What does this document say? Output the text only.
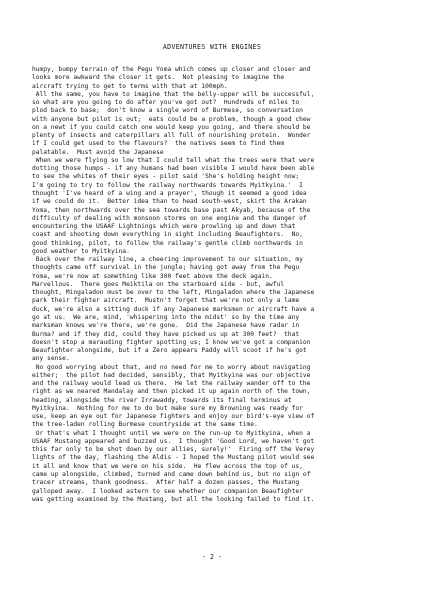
ADVENTURES WITH ENGINES
humpy, bumpy terrain of the Pegu Yoma which comes up closer and closer and
looks more awkward the closer it gets.  Not pleasing to imagine the
aircraft trying to get to terms with that at 100mph.
All the same, you have to imagine that the belly-upper will be successful,
so what are you going to do after you've got out?  Hundreds of miles to
plod back to base;  don't know a single word of Burmese, so conversation
with anyone but pilot is out;  eats could be a problem, though a good chew
on a newt if you could catch one would keep you going, and there should be
plenty of insects and caterpillars all full of nourishing protein.  Wonder
if I could get used to the flavours?  the natives seem to find them
palatable.  Must avoid the Japanese
When we were flying so low that I could tell what the trees were that were
dotting those humps - if any humans had been visible I would have been able
to see the whites of their eyes - pilot said 'She's holding height now;
I'm going to try to follow the railway northwards towards Myitkyina.'  I
thought 'I've heard of a wing and a prayer', though it seemed a good idea
if we could do it.  Better idea than to head south-west, skirt the Arakan
Yoma, then northwards over the sea towards base past Akyab, because of the
difficulty of dealing with monsoon storms on one engine and the danger of
encountering the USAAF Lightnings which were prowling up and down that
coast and shooting down everything in sight including Beaufighters.  No,
good thinking, pilot, to follow the railway's gentle climb northwards in
good weather to Myitkyina.
Back over the railway line, a cheering improvement to our situation, my
thoughts came off survival in the jungle; having got away from the Pegu
Yoma, we're now at something like 300 feet above the deck again.
Marvellous.  There goes Meiktila on the starboard side - but, awful
thought, Mingaladon must be over to the left, Mingaladon where the Japanese
park their fighter aircraft.  Mustn't forget that we're not only a lame
duck, we're also a sitting duck if any Japanese marksmen or aircraft have a
go at us.  We are, mind, 'whispering into the midst' so by the time any
marksman knows we're there, we're gone.  Did the Japanese have radar in
Burma? and if they did, could they have picked us up at 300 feet?  that
doesn't stop a marauding fighter spotting us; I know we've got a companion
Beaufighter alongside, but if a Zero appears Paddy will scoot if he's got
any sense.
No good worrying about that, and no need for me to worry about navigating
either;  the pilot had decided, sensibly, that Myitkyina was our objective
and the railway would lead us there.  He let the railway wander off to the
right as we neared Mandalay and then picked it up again north of the town,
heading, alongside the river Irrawaddy, towards its final terminus at
Myitkyina.  Nothing for me to do but make sure my Browning was ready for
use, keep an eye out for Japanese fighters and enjoy our bird's-eye view of
the tree-laden rolling Burmese countryside at the same time.
Or that's what I thought until we were on the run-up to Myitkyina, when a
USAAF Mustang appeared and buzzed us.  I thought 'Good Lord, we haven't got
this far only to be shot down by our allies, surely!'  Firing off the Verey
lights of the day, flashing the Aldis - I hoped the Mustang pilot would see
it all and know that we were on his side.  He flew across the top of us,
came up alongside, climbed, turned and came down behind us, but no sign of
tracer streams, thank goodness.  After half a dozen passes, the Mustang
galloped away.  I looked astern to see whether our companion Beaufighter
was getting examined by the Mustang, but all the looking failed to find it.
- 2 -
